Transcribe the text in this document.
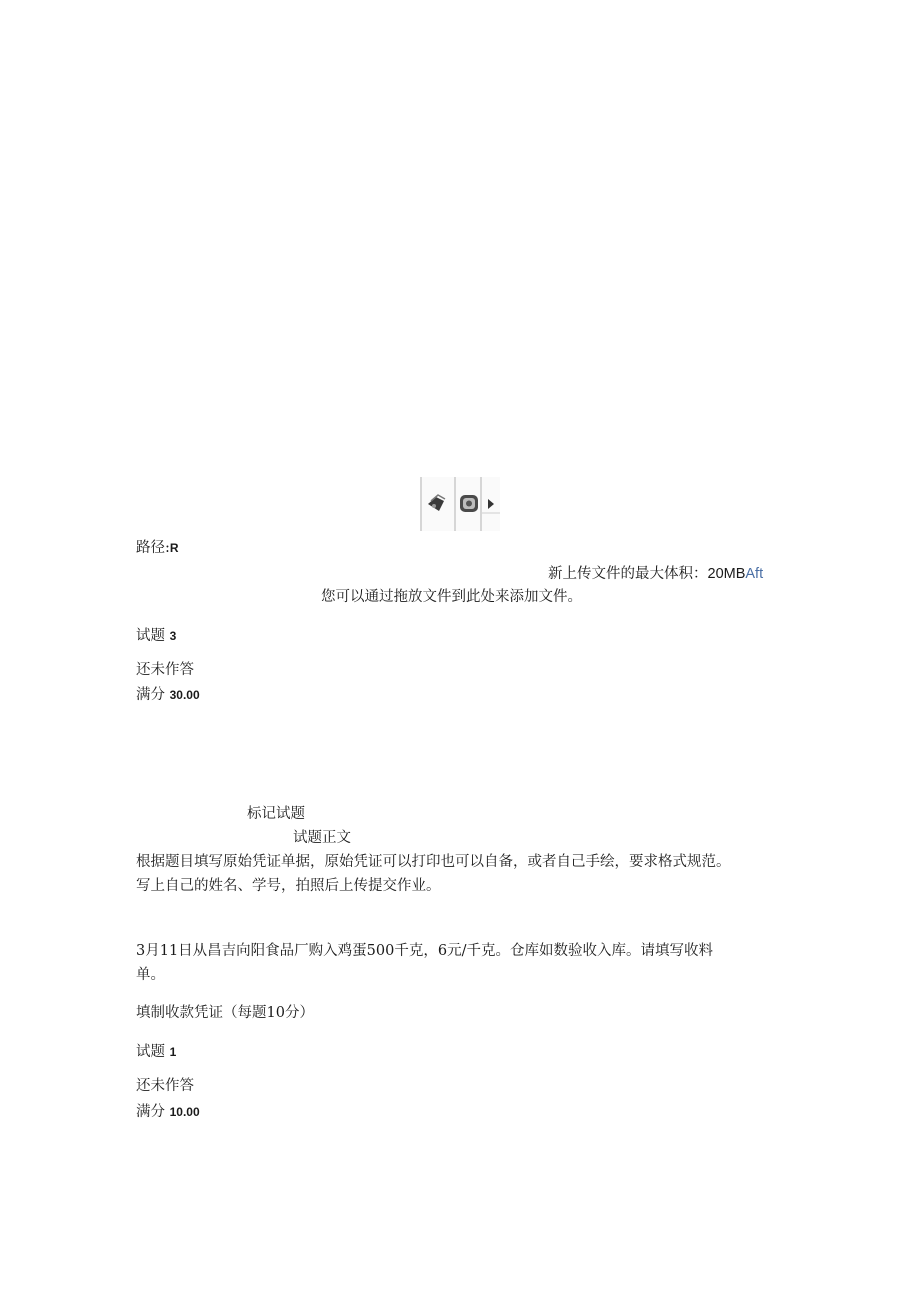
路径:R
新上传文件的最大体积：20MBAft
您可以通过拖放文件到此处来添加文件。
试题 3
还未作答
满分 30.00
标记试题
试题正文
根据题目填写原始凭证单据，原始凭证可以打印也可以自备，或者自己手绘，要求格式规范。
写上自己的姓名、学号，拍照后上传提交作业。
3月11日从昌吉向阳食品厂购入鸡蛋500千克，6元/千克。仓库如数验收入库。请填写收料
单。
填制收款凭证（每题10分）
试题 1
还未作答
满分 10.00
